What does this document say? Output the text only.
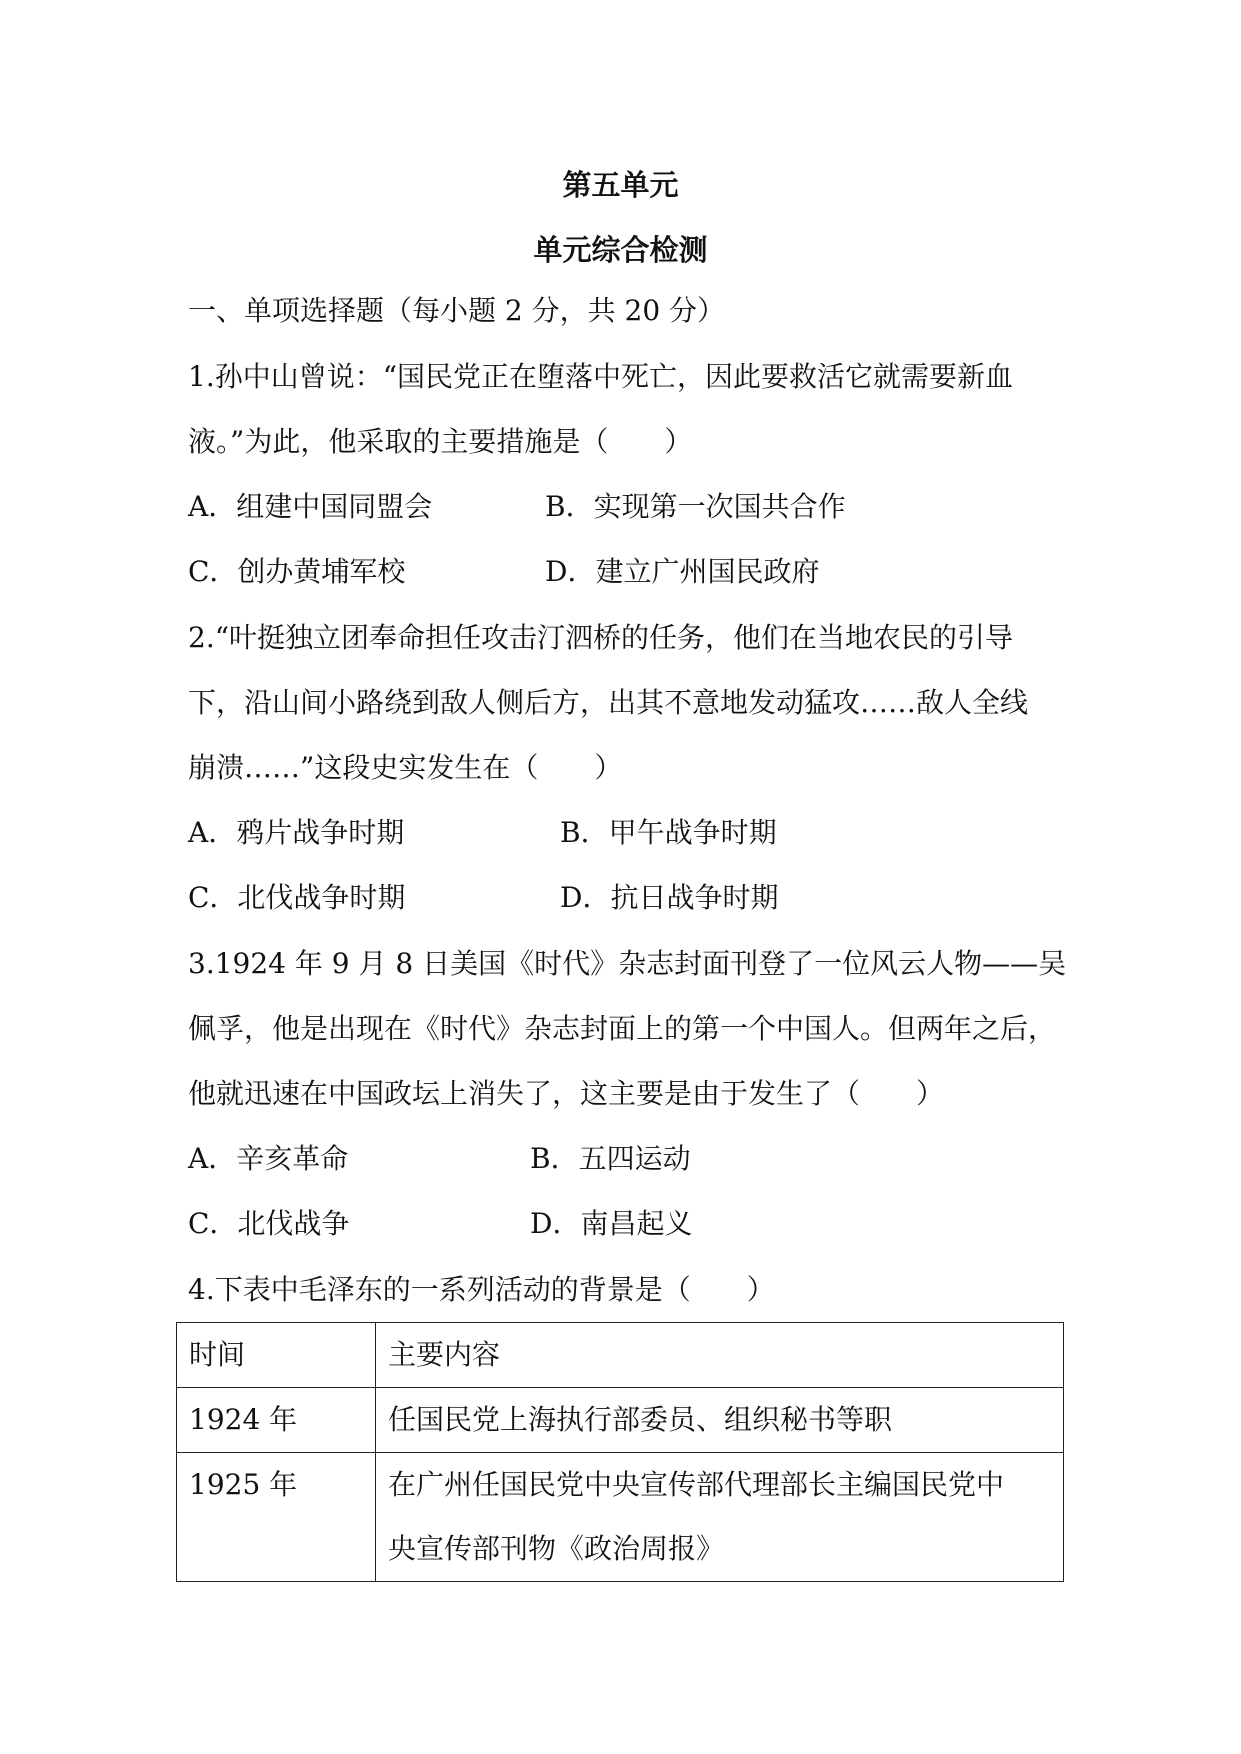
第五单元
单元综合检测
一、单项选择题（每小题 2 分，共 20 分）
1.孙中山曾说：“国民党正在堕落中死亡，因此要救活它就需要新血
液。”为此，他采取的主要措施是（　　）
A．组建中国同盟会	B．实现第一次国共合作
C．创办黄埔军校	D．建立广州国民政府
2.“叶挺独立团奉命担任攻击汀泗桥的任务，他们在当地农民的引导
下，沿山间小路绕到敌人侧后方，出其不意地发动猛攻……敌人全线
崩溃……”这段史实发生在（　　）
A．鸦片战争时期	B．甲午战争时期
C．北伐战争时期	D．抗日战争时期
3.1924 年 9 月 8 日美国《时代》杂志封面刊登了一位风云人物——吴
佩孚，他是出现在《时代》杂志封面上的第一个中国人。但两年之后，
他就迅速在中国政坛上消失了，这主要是由于发生了（　　）
A．辛亥革命	B．五四运动
C．北伐战争	D．南昌起义
4.下表中毛泽东的一系列活动的背景是（　　）
时间	主要内容
1924 年	任国民党上海执行部委员、组织秘书等职
1925 年	在广州任国民党中央宣传部代理部长主编国民党中
央宣传部刊物《政治周报》
